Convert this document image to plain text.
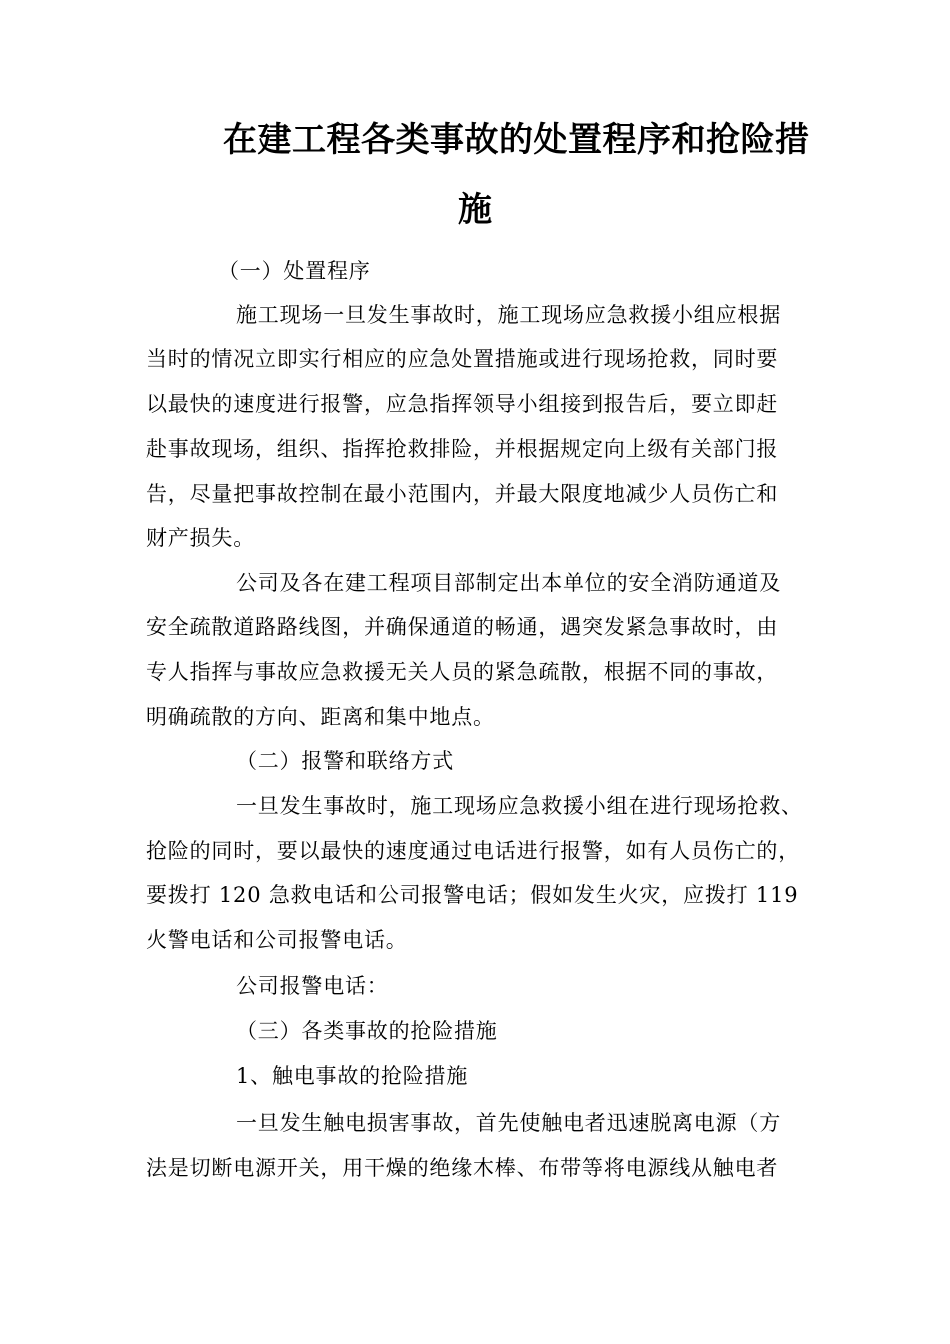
在建工程各类事故的处置程序和抢险措
施
（一）处置程序
施工现场一旦发生事故时，施工现场应急救援小组应根据
当时的情况立即实行相应的应急处置措施或进行现场抢救，同时要
以最快的速度进行报警，应急指挥领导小组接到报告后，要立即赶
赴事故现场，组织、指挥抢救排险，并根据规定向上级有关部门报
告，尽量把事故控制在最小范围内，并最大限度地减少人员伤亡和
财产损失。
公司及各在建工程项目部制定出本单位的安全消防通道及
安全疏散道路路线图，并确保通道的畅通，遇突发紧急事故时，由
专人指挥与事故应急救援无关人员的紧急疏散，根据不同的事故，
明确疏散的方向、距离和集中地点。
（二）报警和联络方式
一旦发生事故时，施工现场应急救援小组在进行现场抢救、
抢险的同时，要以最快的速度通过电话进行报警，如有人员伤亡的，
要拨打 120 急救电话和公司报警电话；假如发生火灾，应拨打 119
火警电话和公司报警电话。
公司报警电话：
（三）各类事故的抢险措施
1、触电事故的抢险措施
一旦发生触电损害事故，首先使触电者迅速脱离电源（方
法是切断电源开关，用干燥的绝缘木棒、布带等将电源线从触电者
